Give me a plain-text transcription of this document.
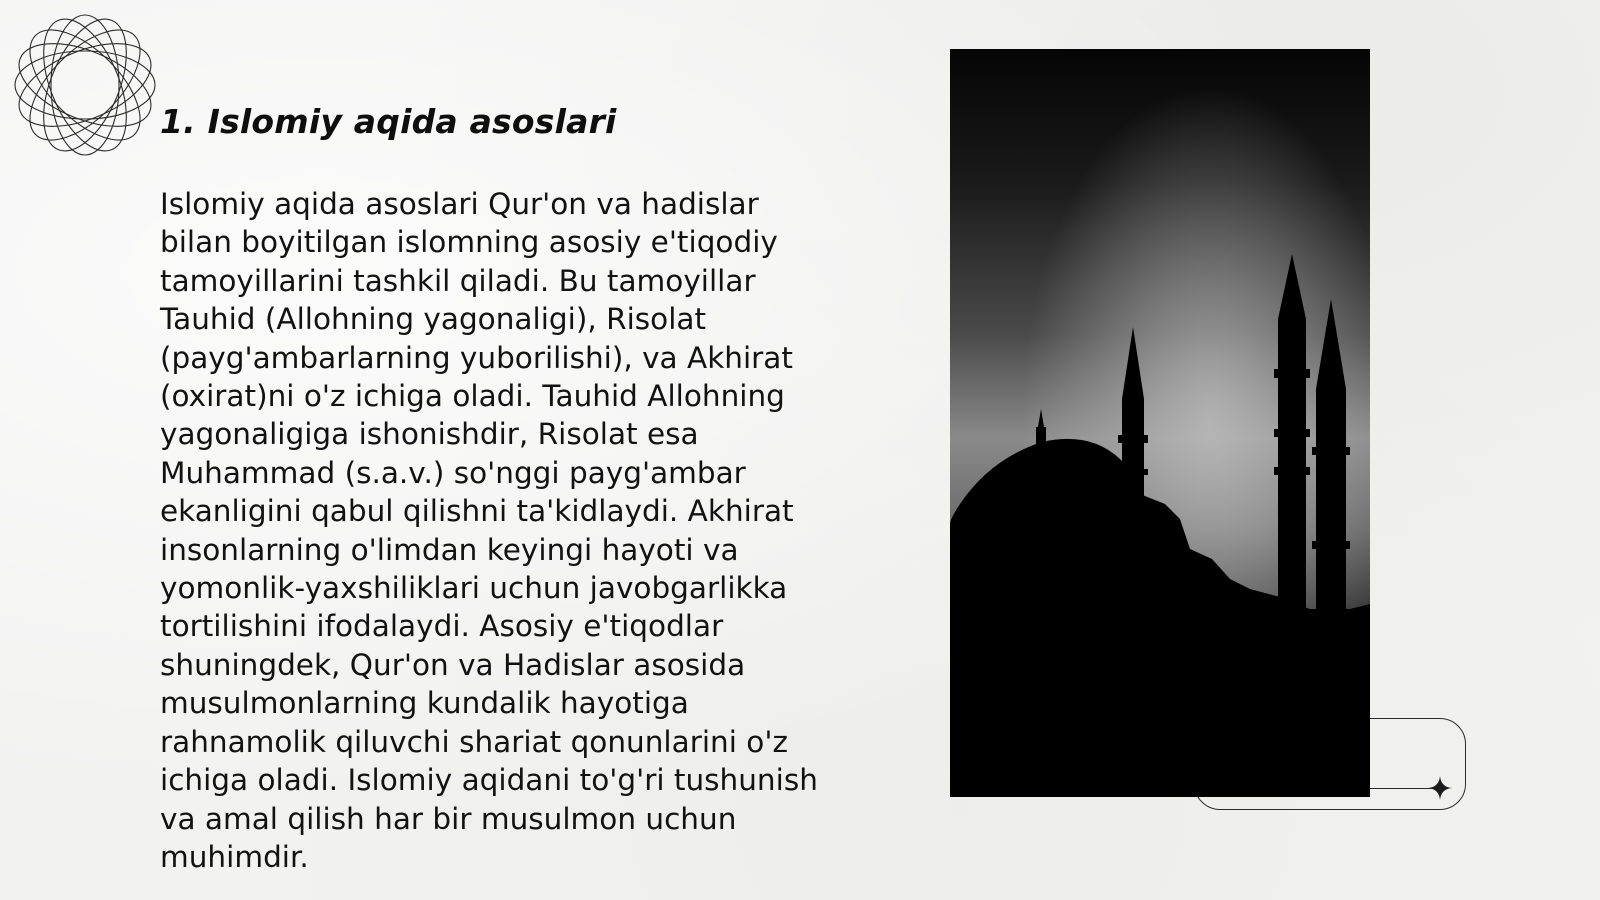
1. Islomiy aqida asoslari

Islomiy aqida asoslari Qur'on va hadislar bilan boyitilgan islomning asosiy e'tiqodiy tamoyillarini tashkil qiladi. Bu tamoyillar Tauhid (Allohning yagonaligi), Risolat (payg'ambarlarning yuborilishi), va Akhirat (oxirat)ni o'z ichiga oladi. Tauhid Allohning yagonaligiga ishonishdir, Risolat esa Muhammad (s.a.v.) so'nggi payg'ambar ekanligini qabul qilishni ta'kidlaydi. Akhirat insonlarning o'limdan keyingi hayoti va yomonlik-yaxshiliklari uchun javobgarlikka tortilishini ifodalaydi. Asosiy e'tiqodlar shuningdek, Qur'on va Hadislar asosida musulmonlarning kundalik hayotiga rahnamolik qiluvchi shariat qonunlarini o'z ichiga oladi. Islomiy aqidani to'g'ri tushunish va amal qilish har bir musulmon uchun muhimdir.
